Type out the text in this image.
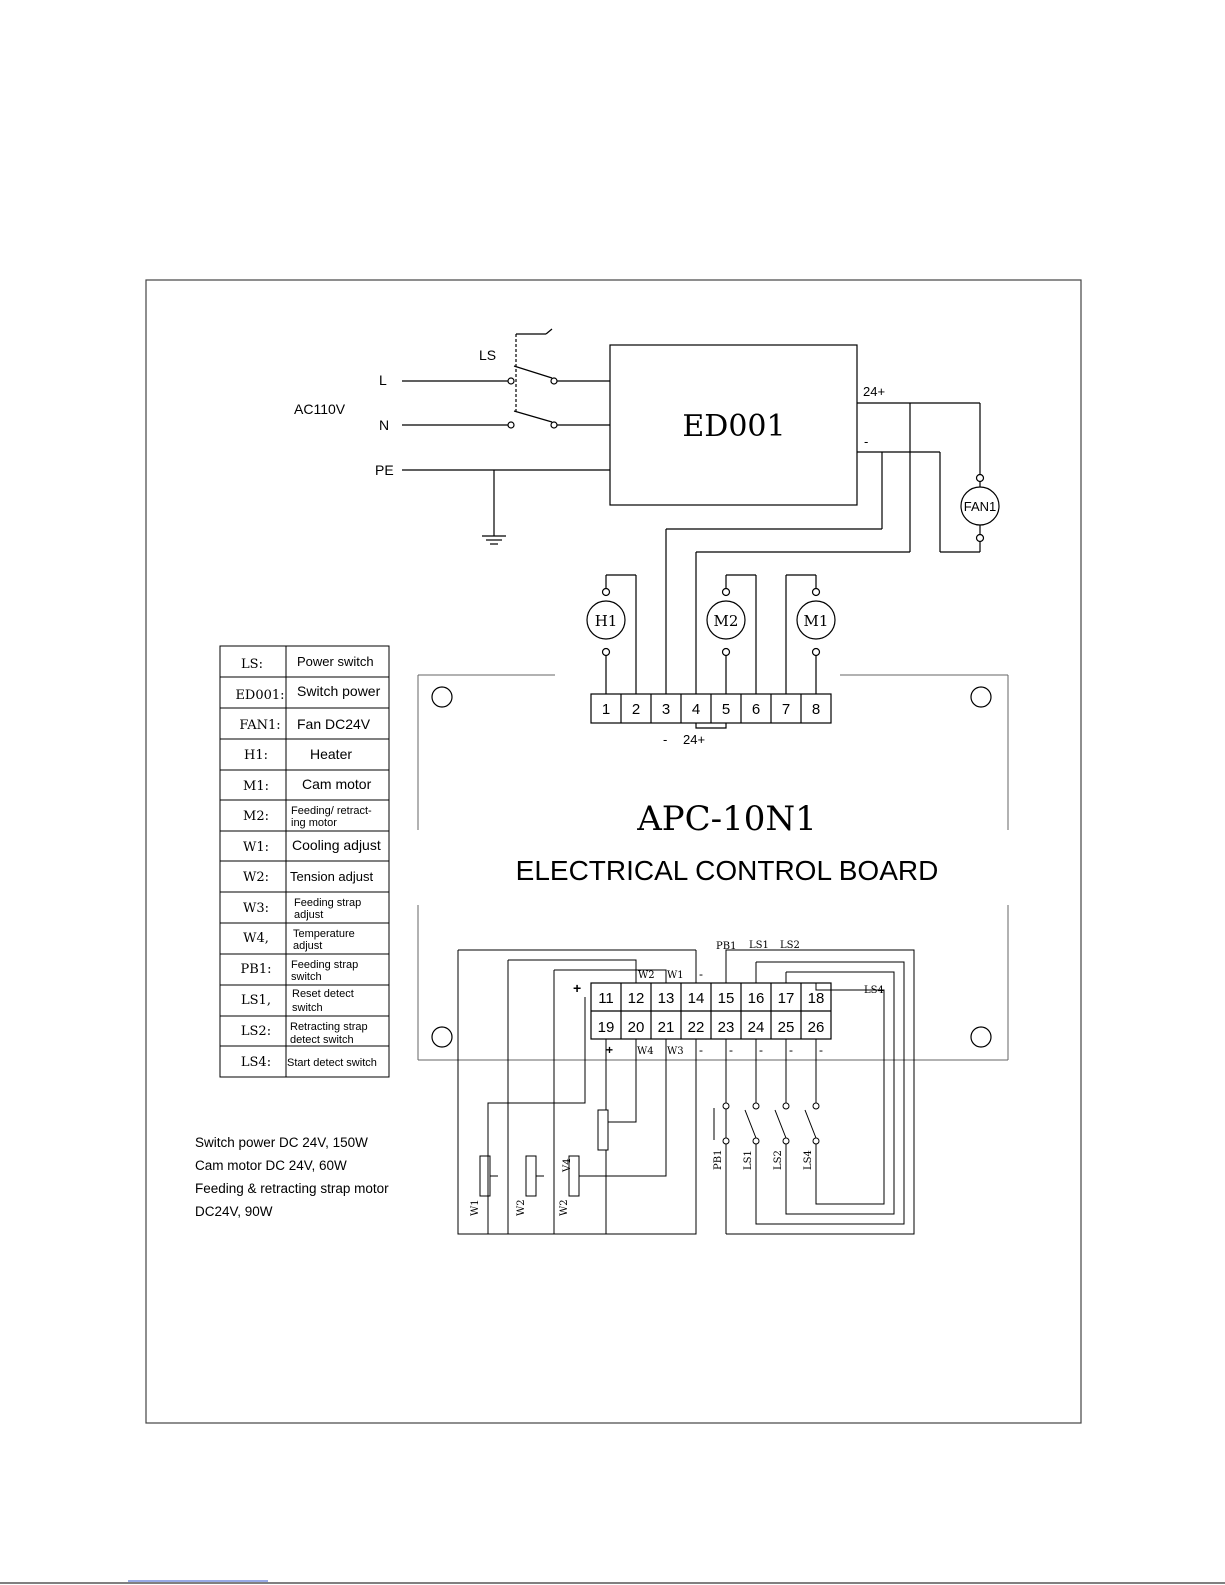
AC110V
L
N
PE
LS
ED001
24+
-
FAN1
H1	M2	M1
APC-10N1
ELECTRICAL CONTROL BOARD
1 2 3 4 5 6 7 8
- 24+
11 12 13 14 15 16 17 18
19 20 21 22 23 24 25 26
W2 W1 -
+
PB1 LS1 LS2
LS4
+ W4 W3 - - - - -
W1	W2	W2
V4	PB1 LS1 LS2 LS4
LS:	Power switch
ED001: Switch power
FAN1: Fan DC24V
H1:	Heater
M1: Cam motor
M2: Feeding/ retract-
ing motor
W1: Cooling adjust
W2: Tension adjust
W3: Feeding strap
adjust
W4, Temperature
adjust
PB1: Feeding strap
switch
LS1, Reset detect
switch
LS2: Retracting strap
detect switch
LS4: Start detect switch
Switch power DC 24V, 150W
Cam motor DC 24V, 60W
Feeding & retracting strap motor
DC24V, 90W
